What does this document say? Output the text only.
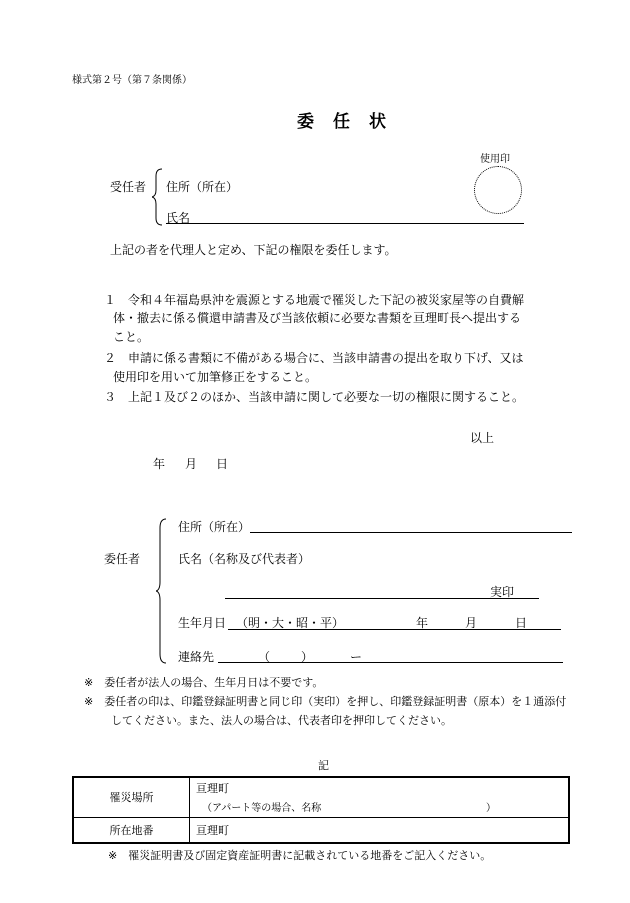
様式第２号（第７条関係）
委　任　状
使用印
受任者 住所（所在）
氏名
上記の者を代理人と定め、下記の権限を委任します。
１　令和４年福島県沖を震源とする地震で罹災した下記の被災家屋等の自費解
体・撤去に係る償還申請書及び当該依頼に必要な書類を亘理町長へ提出する
こと。
２　申請に係る書類に不備がある場合に、当該申請書の提出を取り下げ、又は
使用印を用いて加筆修正をすること。
３　上記１及び２のほか、当該申請に関して必要な一切の権限に関すること。
以上
年 月 日
委任者
住所（所在）
氏名（名称及び代表者）
実印
生年月日 （明・大・昭・平）	年	月	日
連絡先	（	）	ー
※　委任者が法人の場合、生年月日は不要です。
※　委任者の印は、印鑑登録証明書と同じ印（実印）を押し、印鑑登録証明書（原本）を１通添付
してください。また、法人の場合は、代表者印を押印してください。
記
罹災場所	亘理町
（アパート等の場合、名称 ）

所在地番	亘理町
※　罹災証明書及び固定資産証明書に記載されている地番をご記入ください。
